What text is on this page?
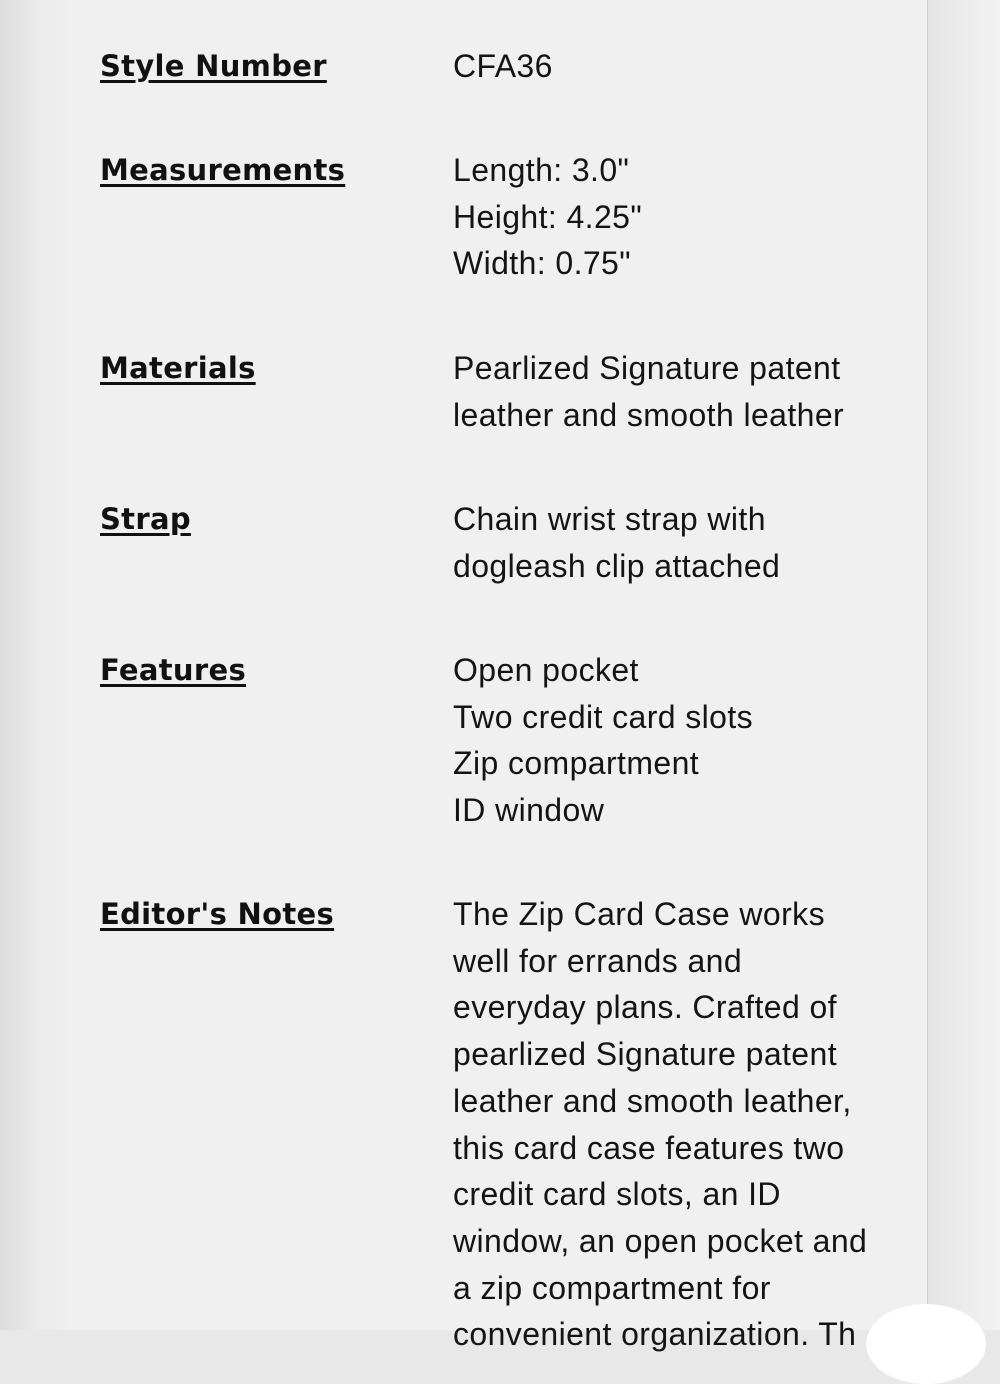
Style Number	CFA36
Measurements	Length: 3.0"
Height: 4.25"
Width: 0.75"
Materials	Pearlized Signature patent
leather and smooth leather
Strap	Chain wrist strap with
dogleash clip attached
Features	Open pocket
Two credit card slots
Zip compartment
ID window
Editor's Notes	The Zip Card Case works
well for errands and
everyday plans. Crafted of
pearlized Signature patent
leather and smooth leather,
this card case features two
credit card slots, an ID
window, an open pocket and
a zip compartment for
convenient organization. Th
